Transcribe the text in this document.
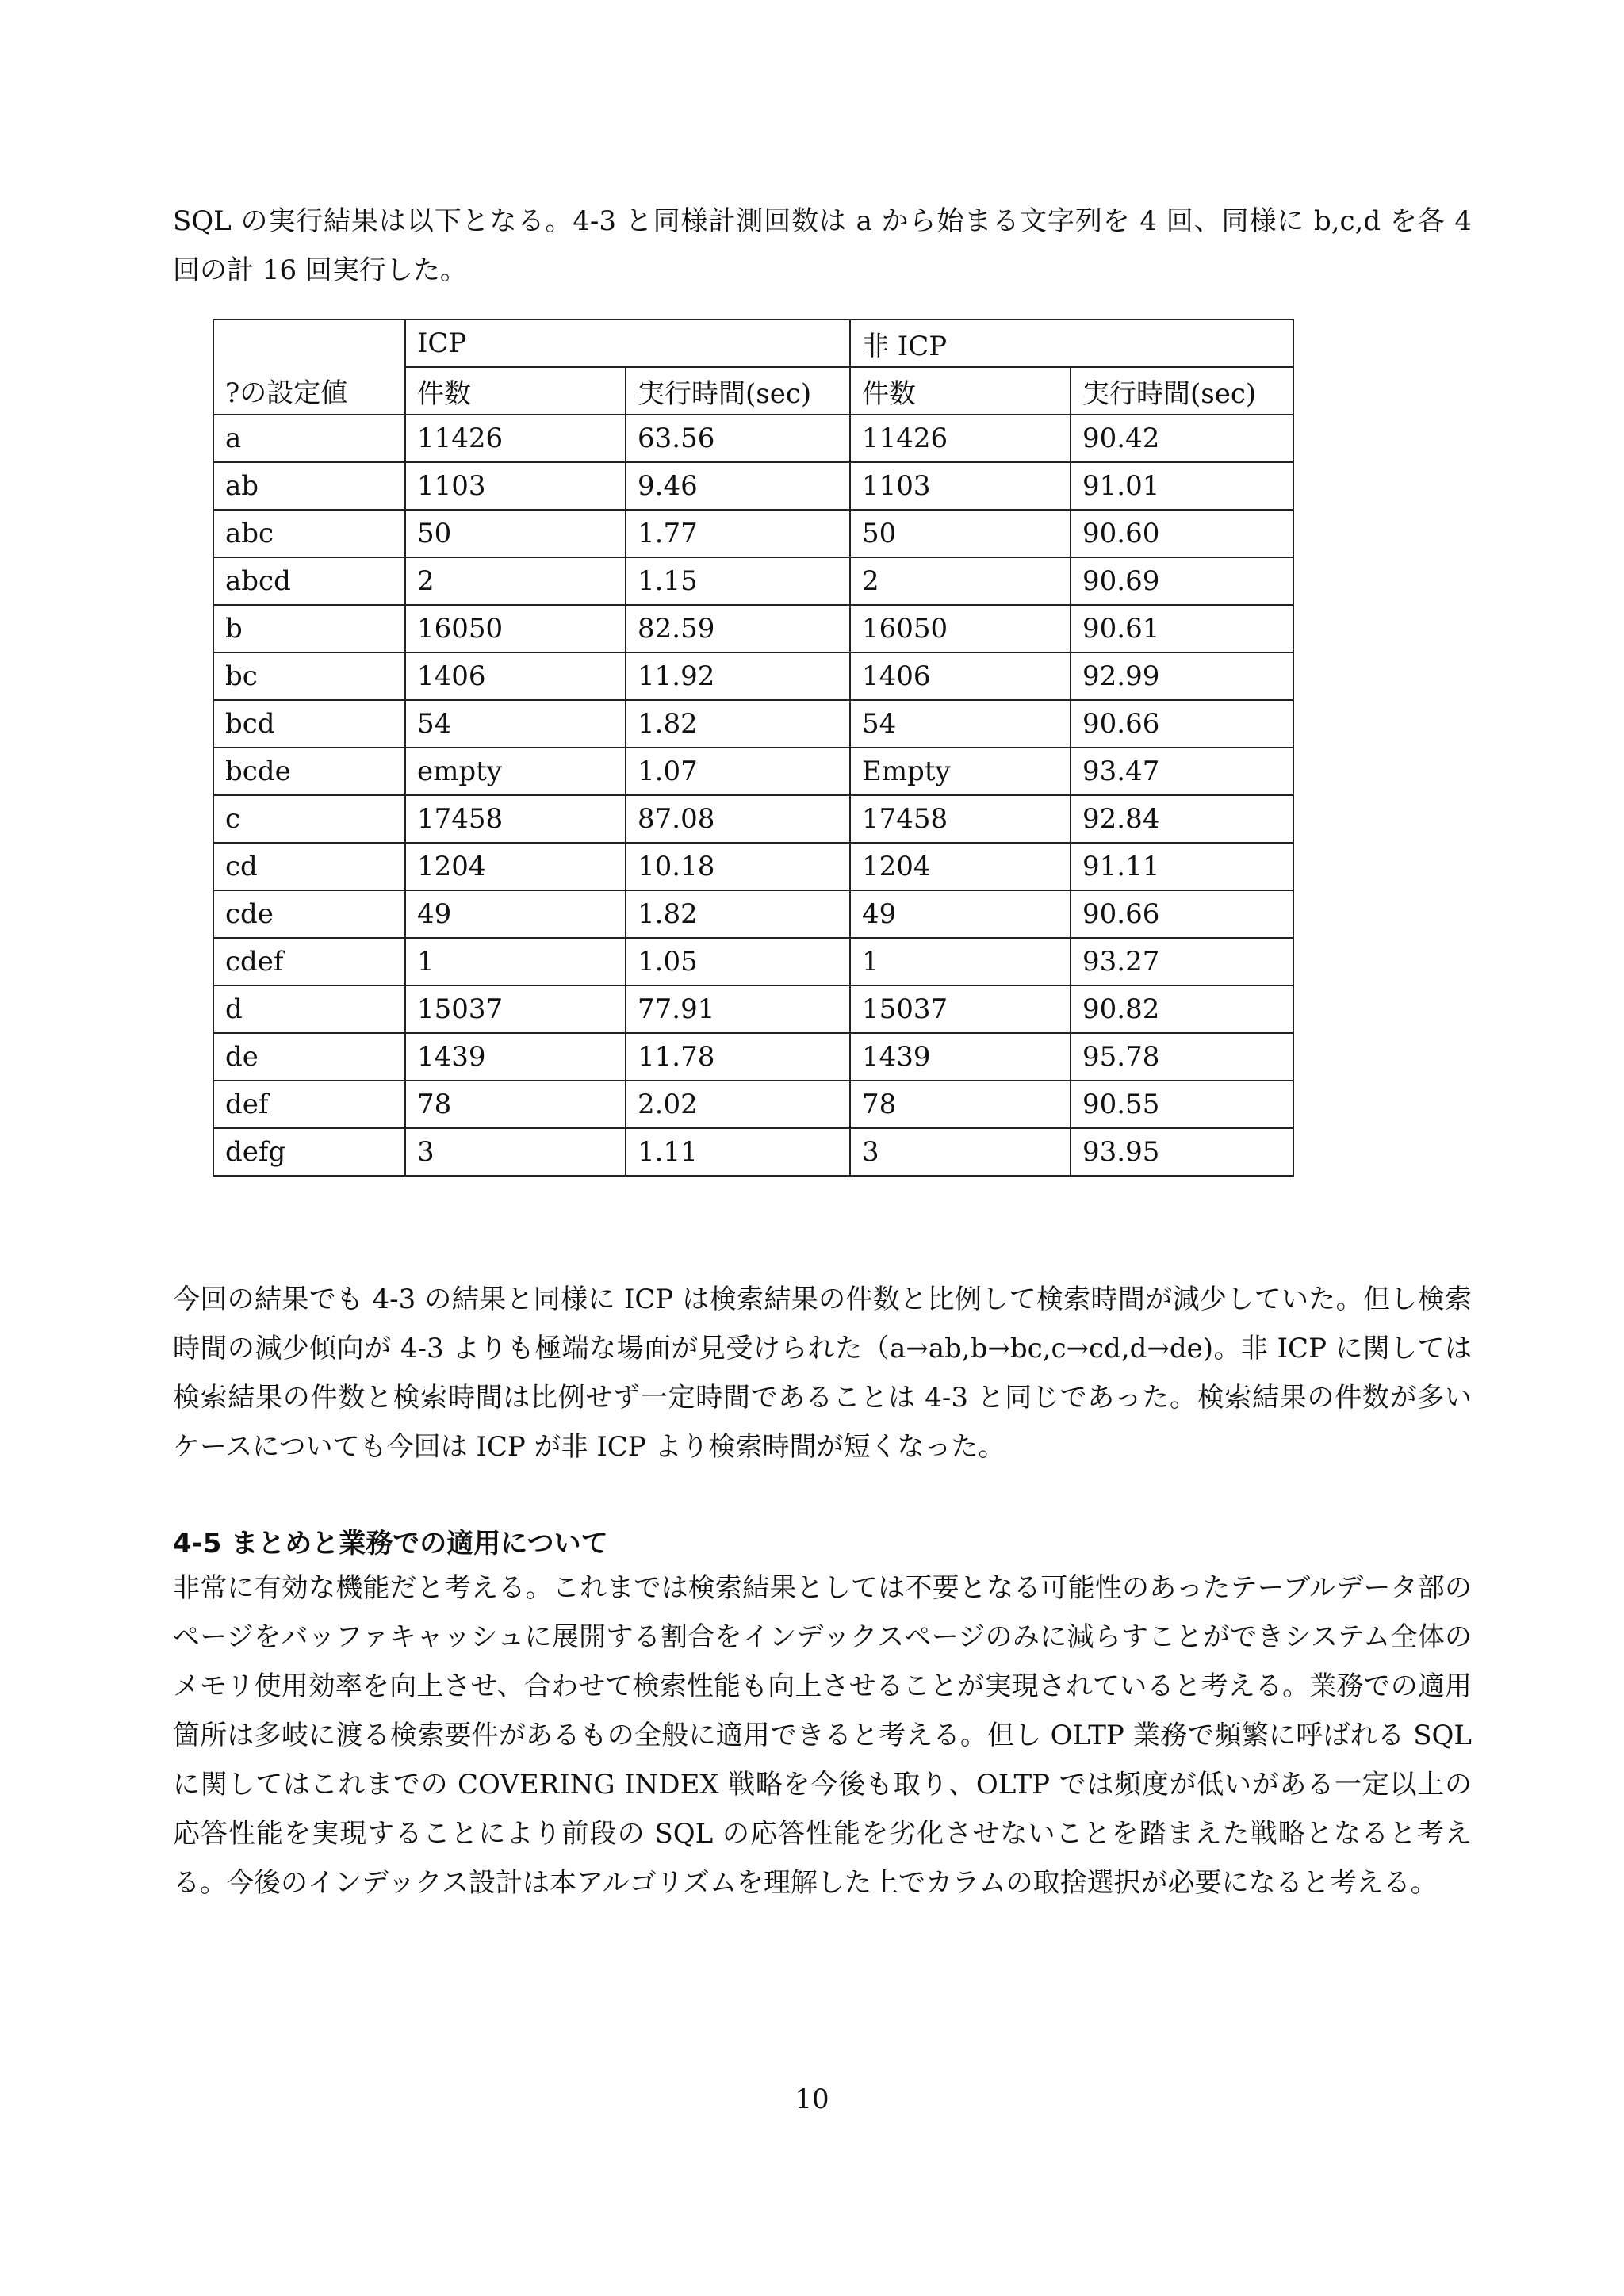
SQL の実行結果は以下となる。4-3 と同様計測回数は a から始まる文字列を 4 回、同様に b,c,d を各 4 回の計 16 回実行した。

	ICP		非 ICP	
?の設定値	件数	実行時間(sec)	件数	実行時間(sec)
a	11426	63.56	11426	90.42
ab	1103	9.46	1103	91.01
abc	50	1.77	50	90.60
abcd	2	1.15	2	90.69
b	16050	82.59	16050	90.61
bc	1406	11.92	1406	92.99
bcd	54	1.82	54	90.66
bcde	empty	1.07	Empty	93.47
c	17458	87.08	17458	92.84
cd	1204	10.18	1204	91.11
cde	49	1.82	49	90.66
cdef	1	1.05	1	93.27
d	15037	77.91	15037	90.82
de	1439	11.78	1439	95.78
def	78	2.02	78	90.55
defg	3	1.11	3	93.95

今回の結果でも 4-3 の結果と同様に ICP は検索結果の件数と比例して検索時間が減少していた。但し検索時間の減少傾向が 4-3 よりも極端な場面が見受けられた（a→ab,b→bc,c→cd,d→de)。非 ICP に関しては検索結果の件数と検索時間は比例せず一定時間であることは 4-3 と同じであった。検索結果の件数が多いケースについても今回は ICP が非 ICP より検索時間が短くなった。

4-5 まとめと業務での適用について

非常に有効な機能だと考える。これまでは検索結果としては不要となる可能性のあったテーブルデータ部のページをバッファキャッシュに展開する割合をインデックスページのみに減らすことができシステム全体のメモリ使用効率を向上させ、合わせて検索性能も向上させることが実現されていると考える。業務での適用箇所は多岐に渡る検索要件があるもの全般に適用できると考える。但し OLTP 業務で頻繁に呼ばれる SQL に関してはこれまでの COVERING INDEX 戦略を今後も取り、OLTP では頻度が低いがある一定以上の応答性能を実現することにより前段の SQL の応答性能を劣化させないことを踏まえた戦略となると考える。今後のインデックス設計は本アルゴリズムを理解した上でカラムの取捨選択が必要になると考える。

10
